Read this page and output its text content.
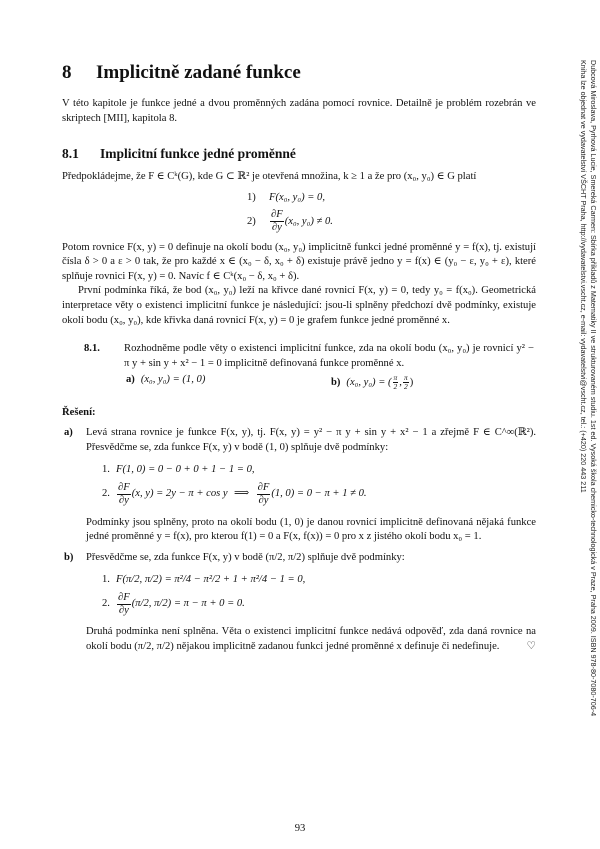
8 Implicitně zadané funkce

V této kapitole je funkce jedné a dvou proměnných zadána pomocí rovnice. Detailně je problém rozebrán ve skriptech [MII], kapitola 8.

8.1 Implicitní funkce jedné proměnné

Předpokládejme, že F ∈ Cᵏ(G), kde G ⊂ ℝ² je otevřená množina, k ≥ 1 a že pro (x₀, y₀) ∈ G platí

1)	F(x₀, y₀) = 0,
2)	$\frac{\partial F}{\partial y} (x_0$, y₀) ≠ 0.

Potom rovnice F(x, y) = 0 definuje na okolí bodu (x₀, y₀) implicitně funkci jedné proměnné y = f(x), tj. existují čísla δ > 0 a ε > 0 tak, že pro každé x ∈ (x₀ − δ, x₀ + δ) existuje právě jedno y = f(x) ∈ (y₀ − ε, y₀ + ε), které splňuje rovnici F(x, y) = 0. Navíc f ∈ Cᵏ(x₀ − δ, x₀ + δ).

První podmínka říká, že bod (x₀, y₀) leží na křivce dané rovnicí F(x, y) = 0, tedy y₀ = f(x₀). Geometrická interpretace věty o existenci implicitní funkce je následující: jsou-li splněny předchozí dvě podmínky, existuje okolí bodu (x₀, y₀), kde křivka daná rovnicí F(x, y) = 0 je grafem funkce jedné proměnné x.

8.1. Rozhodněme podle věty o existenci implicitní funkce, zda na okolí bodu (x₀, y₀) je rovnicí y² − π y + sin y + x² − 1 = 0 implicitně definovaná funkce proměnné x.
a) (x₀, y₀) = (1, 0)	b) (x₀, y₀) = ( $\frac{\pi}{2}$ , $\frac{\pi}{2}$ )
Řešení:
a)	Levá strana rovnice je funkce F(x, y), tj. F(x, y) = y² − π y + sin y + x² − 1 a zřejmě F ∈ C^∞(ℝ²). Přesvědčme se, zda funkce F(x, y) v bodě (1, 0) splňuje dvě podmínky:
1. F(1, 0) = 0 − 0 + 0 + 1 − 1 = 0,
2. $\frac{\partial F}{\partial y} (x$, y) = 2y − π + cos y ⟹ $\frac{\partial F}{\partial y} (1$, 0) = 0 − π + 1 ≠ 0.
Podmínky jsou splněny, proto na okolí bodu (1, 0) je danou rovnicí implicitně definovaná nějaká funkce jedné proměnné y = f(x), pro kterou f(1) = 0 a F(x, f(x)) = 0 pro x z jistého okolí bodu x₀ = 1.
b)	Přesvědčme se, zda funkce F(x, y) v bodě (π/2, π/2) splňuje dvě podmínky:
1. F(π/2, π/2) = π²/4 − π²/2 + 1 + π²/4 − 1 = 0,
2. $\frac{\partial F}{\partial y} (\pi/2$, π/2) = π − π + 0 = 0.
Druhá podmínka není splněna. Věta o existenci implicitní funkce nedává odpověď, zda daná rovnice na okolí bodu (π/2, π/2) nějakou implicitně zadanou funkci jedné proměnné x definuje či nedefinuje.	♡
93
Dubcová Miroslava, Pyrhová Lucie, Smereká Carmen: Sbírka příkladů z Matematiky II ve strukturovaném studiu. 1st ed. Vysoká škola chemicko-technologická v Praze, Praha 2009. ISBN 978-80-7080-706-4
Kniha lze objednat ve vydavatelství VŠCHT Praha, http://vydavatelstvi.vscht.cz, e-mail: vydavatelstvi@vscht.cz, tel.: (+420) 220 443 211
